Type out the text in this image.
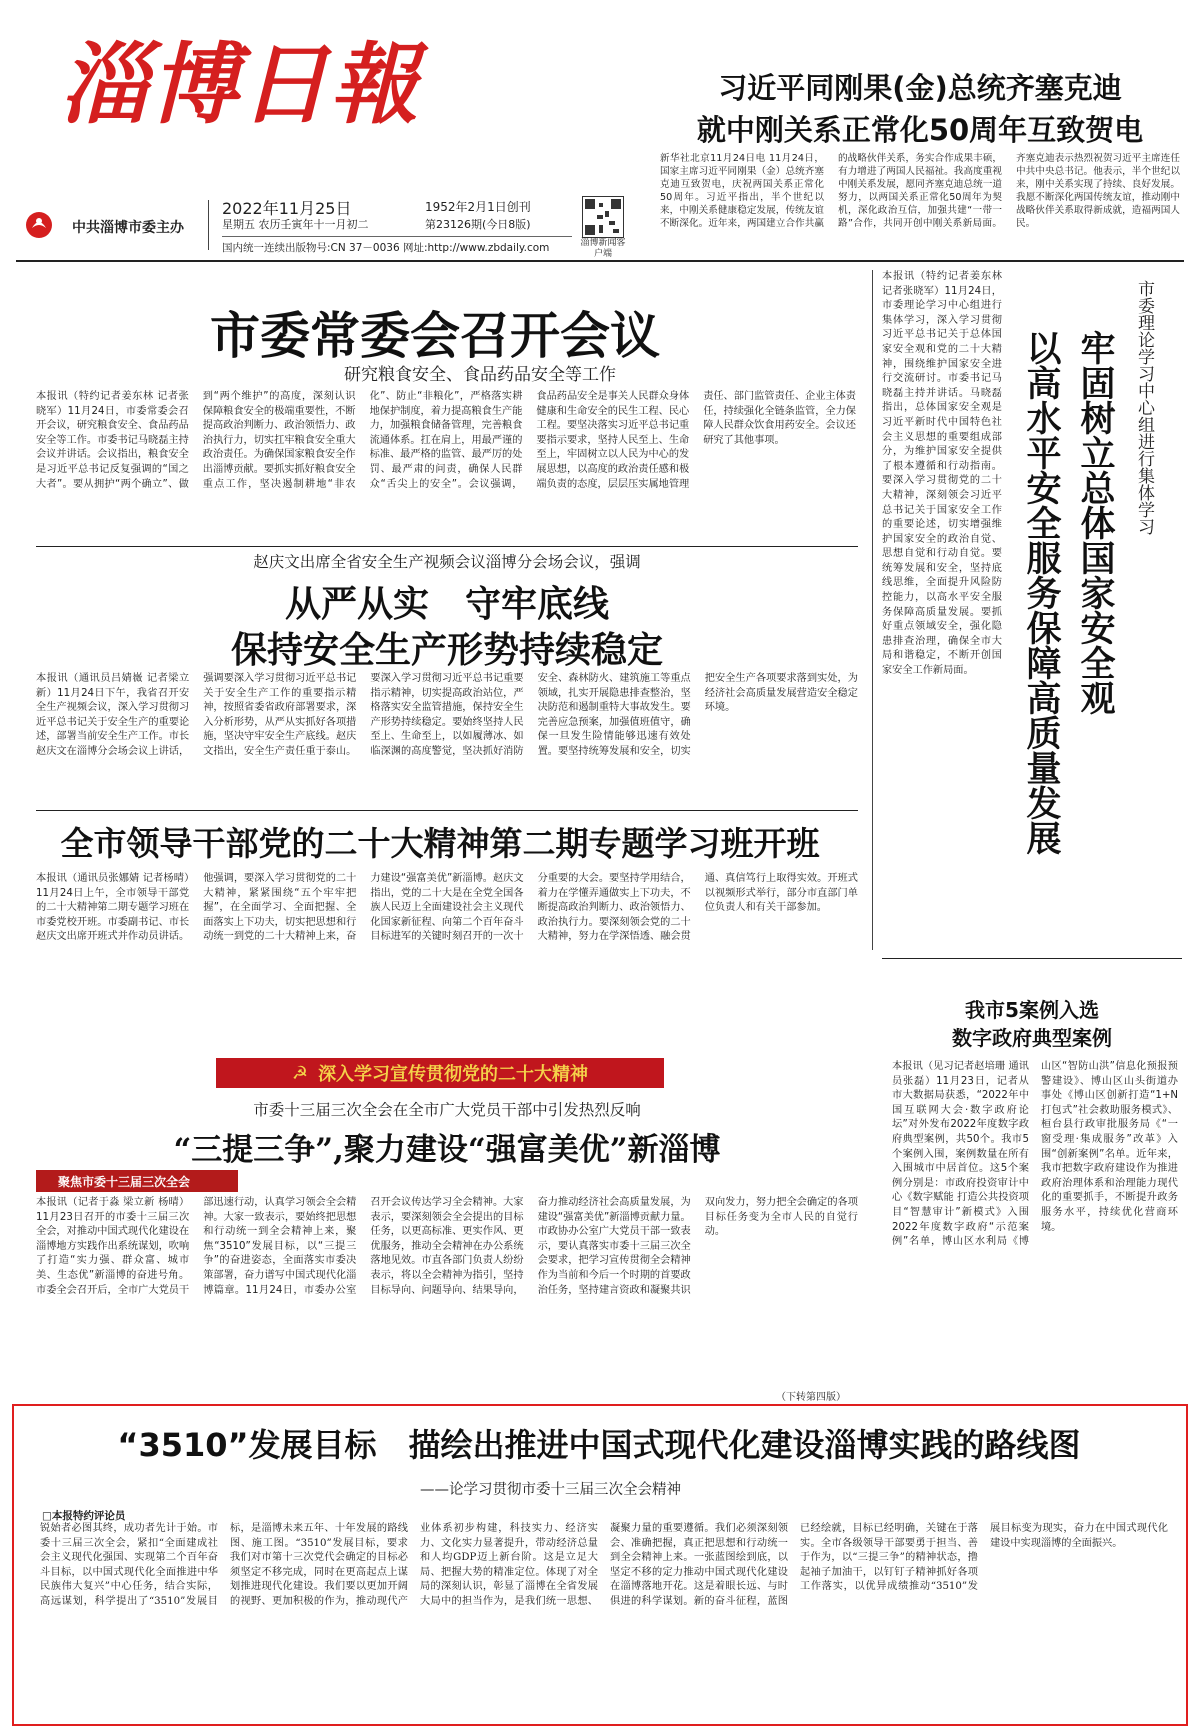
淄博日報
中共淄博市委主办
2022年11月25日
星期五 农历壬寅年十一月初二
1952年2月1日创刊
第23126期(今日8版)
国内统一连续出版物号:CN 37－0036 网址:http://www.zbdaily.com	淄博新闻客户端
习近平同刚果(金)总统齐塞克迪
就中刚关系正常化50周年互致贺电
新华社北京11月24日电 11月24日，国家主席习近平同刚果（金）总统齐塞克迪互致贺电，庆祝两国关系正常化50周年。习近平指出，半个世纪以来，中刚关系健康稳定发展，传统友谊不断深化。近年来，两国建立合作共赢的战略伙伴关系，务实合作成果丰硕，有力增进了两国人民福祉。我高度重视中刚关系发展，愿同齐塞克迪总统一道努力，以两国关系正常化50周年为契机，深化政治互信，加强共建“一带一路”合作，共同开创中刚关系新局面。齐塞克迪表示热烈祝贺习近平主席连任中共中央总书记。他表示，半个世纪以来，刚中关系实现了持续、良好发展。我愿不断深化两国传统友谊，推动刚中战略伙伴关系取得新成就，造福两国人民。
市委常委会召开会议
研究粮食安全、食品药品安全等工作
本报讯（特约记者姜东林 记者张晓军）11月24日，市委常委会召开会议，研究粮食安全、食品药品安全等工作。市委书记马晓磊主持会议并讲话。会议指出，粮食安全是习近平总书记反复强调的“国之大者”。要从拥护“两个确立”、做到“两个维护”的高度，深刻认识保障粮食安全的极端重要性，不断提高政治判断力、政治领悟力、政治执行力，切实扛牢粮食安全重大政治责任。为确保国家粮食安全作出淄博贡献。要抓实抓好粮食安全重点工作，坚决遏制耕地“非农化”、防止“非粮化”，严格落实耕地保护制度，着力提高粮食生产能力，加强粮食储备管理，完善粮食流通体系。扛在肩上，用最严谨的标准、最严格的监管、最严厉的处罚、最严肃的问责，确保人民群众“舌尖上的安全”。会议强调，食品药品安全是事关人民群众身体健康和生命安全的民生工程、民心工程。要坚决落实习近平总书记重要指示要求，坚持人民至上、生命至上，牢固树立以人民为中心的发展思想，以高度的政治责任感和极端负责的态度，层层压实属地管理责任、部门监管责任、企业主体责任，持续强化全链条监管，全力保障人民群众饮食用药安全。会议还研究了其他事项。
赵庆文出席全省安全生产视频会议淄博分会场会议，强调
从严从实　守牢底线
保持安全生产形势持续稳定
本报讯（通讯员吕婧嶶 记者梁立新）11月24日下午，我省召开安全生产视频会议，深入学习贯彻习近平总书记关于安全生产的重要论述，部署当前安全生产工作。市长赵庆文在淄博分会场会议上讲话，强调要深入学习贯彻习近平总书记关于安全生产工作的重要指示精神，按照省委省政府部署要求，深入分析形势，从严从实抓好各项措施，坚决守牢安全生产底线。赵庆文指出，安全生产责任重于泰山。要深入学习贯彻习近平总书记重要指示精神，切实提高政治站位，严格落实安全监管措施，保持安全生产形势持续稳定。要始终坚持人民至上、生命至上，以如履薄冰、如临深渊的高度警觉，坚决抓好消防安全、森林防火、建筑施工等重点领域，扎实开展隐患排查整治，坚决防范和遏制重特大事故发生。要完善应急预案，加强值班值守，确保一旦发生险情能够迅速有效处置。要坚持统筹发展和安全，切实把安全生产各项要求落到实处，为经济社会高质量发展营造安全稳定环境。
全市领导干部党的二十大精神第二期专题学习班开班
本报讯（通讯员张娜婧 记者杨晴）11月24日上午，全市领导干部党的二十大精神第二期专题学习班在市委党校开班。市委副书记、市长赵庆文出席开班式并作动员讲话。他强调，要深入学习贯彻党的二十大精神，紧紧围绕“五个牢牢把握”，在全面学习、全面把握、全面落实上下功夫，切实把思想和行动统一到党的二十大精神上来，奋力建设“强富美优”新淄博。赵庆文指出，党的二十大是在全党全国各族人民迈上全面建设社会主义现代化国家新征程、向第二个百年奋斗目标进军的关键时刻召开的一次十分重要的大会。要坚持学用结合，着力在学懂弄通做实上下功夫，不断提高政治判断力、政治领悟力、政治执行力。要深刻领会党的二十大精神，努力在学深悟透、融会贯通、真信笃行上取得实效。开班式以视频形式举行，部分市直部门单位负责人和有关干部参加。
本报讯（特约记者姜东林 记者张晓军）11月24日，市委理论学习中心组进行集体学习，深入学习贯彻习近平总书记关于总体国家安全观和党的二十大精神，围绕维护国家安全进行交流研讨。市委书记马晓磊主持并讲话。马晓磊指出，总体国家安全观是习近平新时代中国特色社会主义思想的重要组成部分，为维护国家安全提供了根本遵循和行动指南。要深入学习贯彻党的二十大精神，深刻领会习近平总书记关于国家安全工作的重要论述，切实增强维护国家安全的政治自觉、思想自觉和行动自觉。要统筹发展和安全，坚持底线思维，全面提升风险防控能力，以高水平安全服务保障高质量发展。要抓好重点领域安全，强化隐患排查治理，确保全市大局和谐稳定，不断开创国家安全工作新局面。	以高水平安全服务保障高质量发展 牢固树立总体国家安全观 市委理论学习中心组进行集体学习
我市5案例入选
数字政府典型案例
本报讯（见习记者赵培珊 通讯员张磊）11月23日，记者从市大数据局获悉，“2022年中国互联网大会·数字政府论坛”对外发布2022年度数字政府典型案例，共50个。我市5个案例入围，案例数量在所有入围城市中居首位。这5个案例分别是：市政府投资审计中心《数字赋能 打造公共投资项目“智慧审计”新模式》入围2022年度数字政府“示范案例”名单，博山区水利局《博山区“智防山洪”信息化预报预警建设》、博山区山头街道办事处《博山区创新打造“1+N打包式”社会救助服务模式》、桓台县行政审批服务局《“一窗受理·集成服务”改革》入围“创新案例”名单。近年来，我市把数字政府建设作为推进政府治理体系和治理能力现代化的重要抓手，不断提升政务服务水平，持续优化营商环境。
☭ 深入学习宣传贯彻党的二十大精神
市委十三届三次全会在全市广大党员干部中引发热烈反响
“三提三争”,聚力建设“强富美优”新淄博
聚焦市委十三届三次全会
本报讯（记者于淼 梁立新 杨晴）11月23日召开的市委十三届三次全会，对推动中国式现代化建设在淄博地方实践作出系统谋划，吹响了打造“实力强、群众富、城市美、生态优”新淄博的奋进号角。市委全会召开后，全市广大党员干部迅速行动，认真学习领会全会精神。大家一致表示，要始终把思想和行动统一到全会精神上来，聚焦“3510”发展目标，以“三提三争”的奋进姿态，全面落实市委决策部署，奋力谱写中国式现代化淄博篇章。11月24日，市委办公室召开会议传达学习全会精神。大家表示，要深刻领会全会提出的目标任务，以更高标准、更实作风、更优服务，推动全会精神在办公系统落地见效。市直各部门负责人纷纷表示，将以全会精神为指引，坚持目标导向、问题导向、结果导向，奋力推动经济社会高质量发展，为建设“强富美优”新淄博贡献力量。市政协办公室广大党员干部一致表示，要认真落实市委十三届三次全会要求，把学习宣传贯彻全会精神作为当前和今后一个时期的首要政治任务，坚持建言资政和凝聚共识双向发力，努力把全会确定的各项目标任务变为全市人民的自觉行动。
（下转第四版）
“3510”发展目标　描绘出推进中国式现代化建设淄博实践的路线图
——论学习贯彻市委十三届三次全会精神
□本报特约评论员
锐始者必图其终，成功者先计于始。市委十三届三次全会，紧扣“全面建成社会主义现代化强国、实现第二个百年奋斗目标，以中国式现代化全面推进中华民族伟大复兴”中心任务，结合实际，高远谋划，科学提出了“3510”发展目标，是淄博未来五年、十年发展的路线图、施工图。“3510”发展目标，要求我们对市第十三次党代会确定的目标必须坚定不移完成，同时在更高起点上谋划推进现代化建设。我们要以更加开阔的视野、更加积极的作为，推动现代产业体系初步构建，科技实力、经济实力、文化实力显著提升，带动经济总量和人均GDP迈上新台阶。这是立足大局、把握大势的精准定位。体现了对全局的深刻认识，彰显了淄博在全省发展大局中的担当作为，是我们统一思想、凝聚力量的重要遵循。我们必须深刻领会、准确把握，真正把思想和行动统一到全会精神上来。一张蓝图绘到底，以坚定不移的定力推动中国式现代化建设在淄博落地开花。这是着眼长远、与时俱进的科学谋划。新的奋斗征程，蓝图已经绘就，目标已经明确，关键在于落实。全市各级领导干部要勇于担当、善于作为，以“三提三争”的精神状态，撸起袖子加油干，以钉钉子精神抓好各项工作落实，以优异成绩推动“3510”发展目标变为现实，奋力在中国式现代化建设中实现淄博的全面振兴。
